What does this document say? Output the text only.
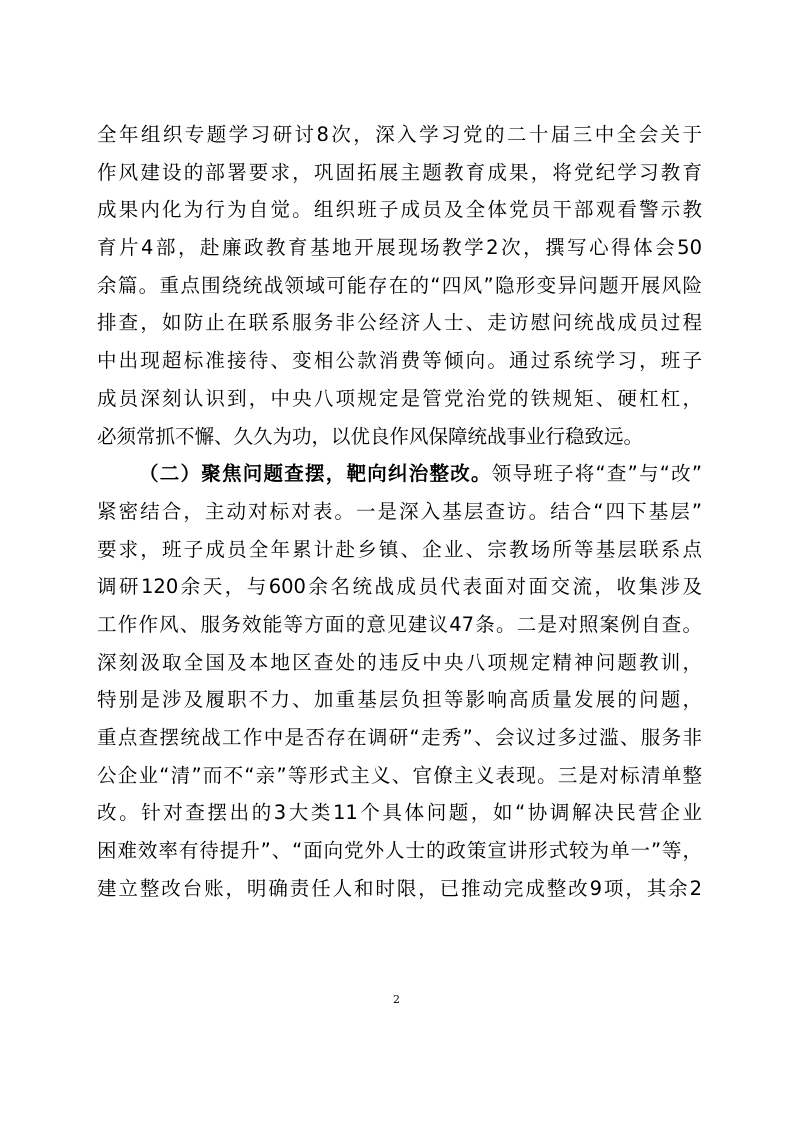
全年组织专题学习研讨8次，深入学习党的二十届三中全会关于
作风建设的部署要求，巩固拓展主题教育成果，将党纪学习教育
成果内化为行为自觉。组织班子成员及全体党员干部观看警示教
育片4部，赴廉政教育基地开展现场教学2次，撰写心得体会50
余篇。重点围绕统战领域可能存在的“四风”隐形变异问题开展风险
排查，如防止在联系服务非公经济人士、走访慰问统战成员过程
中出现超标准接待、变相公款消费等倾向。通过系统学习，班子
成员深刻认识到，中央八项规定是管党治党的铁规矩、硬杠杠，
必须常抓不懈、久久为功，以优良作风保障统战事业行稳致远。
（二）聚焦问题查摆，靶向纠治整改。领导班子将“查”与“改”
紧密结合，主动对标对表。一是深入基层查访。结合“四下基层”
要求，班子成员全年累计赴乡镇、企业、宗教场所等基层联系点
调研120余天，与600余名统战成员代表面对面交流，收集涉及
工作作风、服务效能等方面的意见建议47条。二是对照案例自查。
深刻汲取全国及本地区查处的违反中央八项规定精神问题教训，
特别是涉及履职不力、加重基层负担等影响高质量发展的问题，
重点查摆统战工作中是否存在调研“走秀”、会议过多过滥、服务非
公企业“清”而不“亲”等形式主义、官僚主义表现。三是对标清单整
改。针对查摆出的3大类11个具体问题，如“协调解决民营企业
困难效率有待提升”、“面向党外人士的政策宣讲形式较为单一”等，
建立整改台账，明确责任人和时限，已推动完成整改9项，其余2
2
